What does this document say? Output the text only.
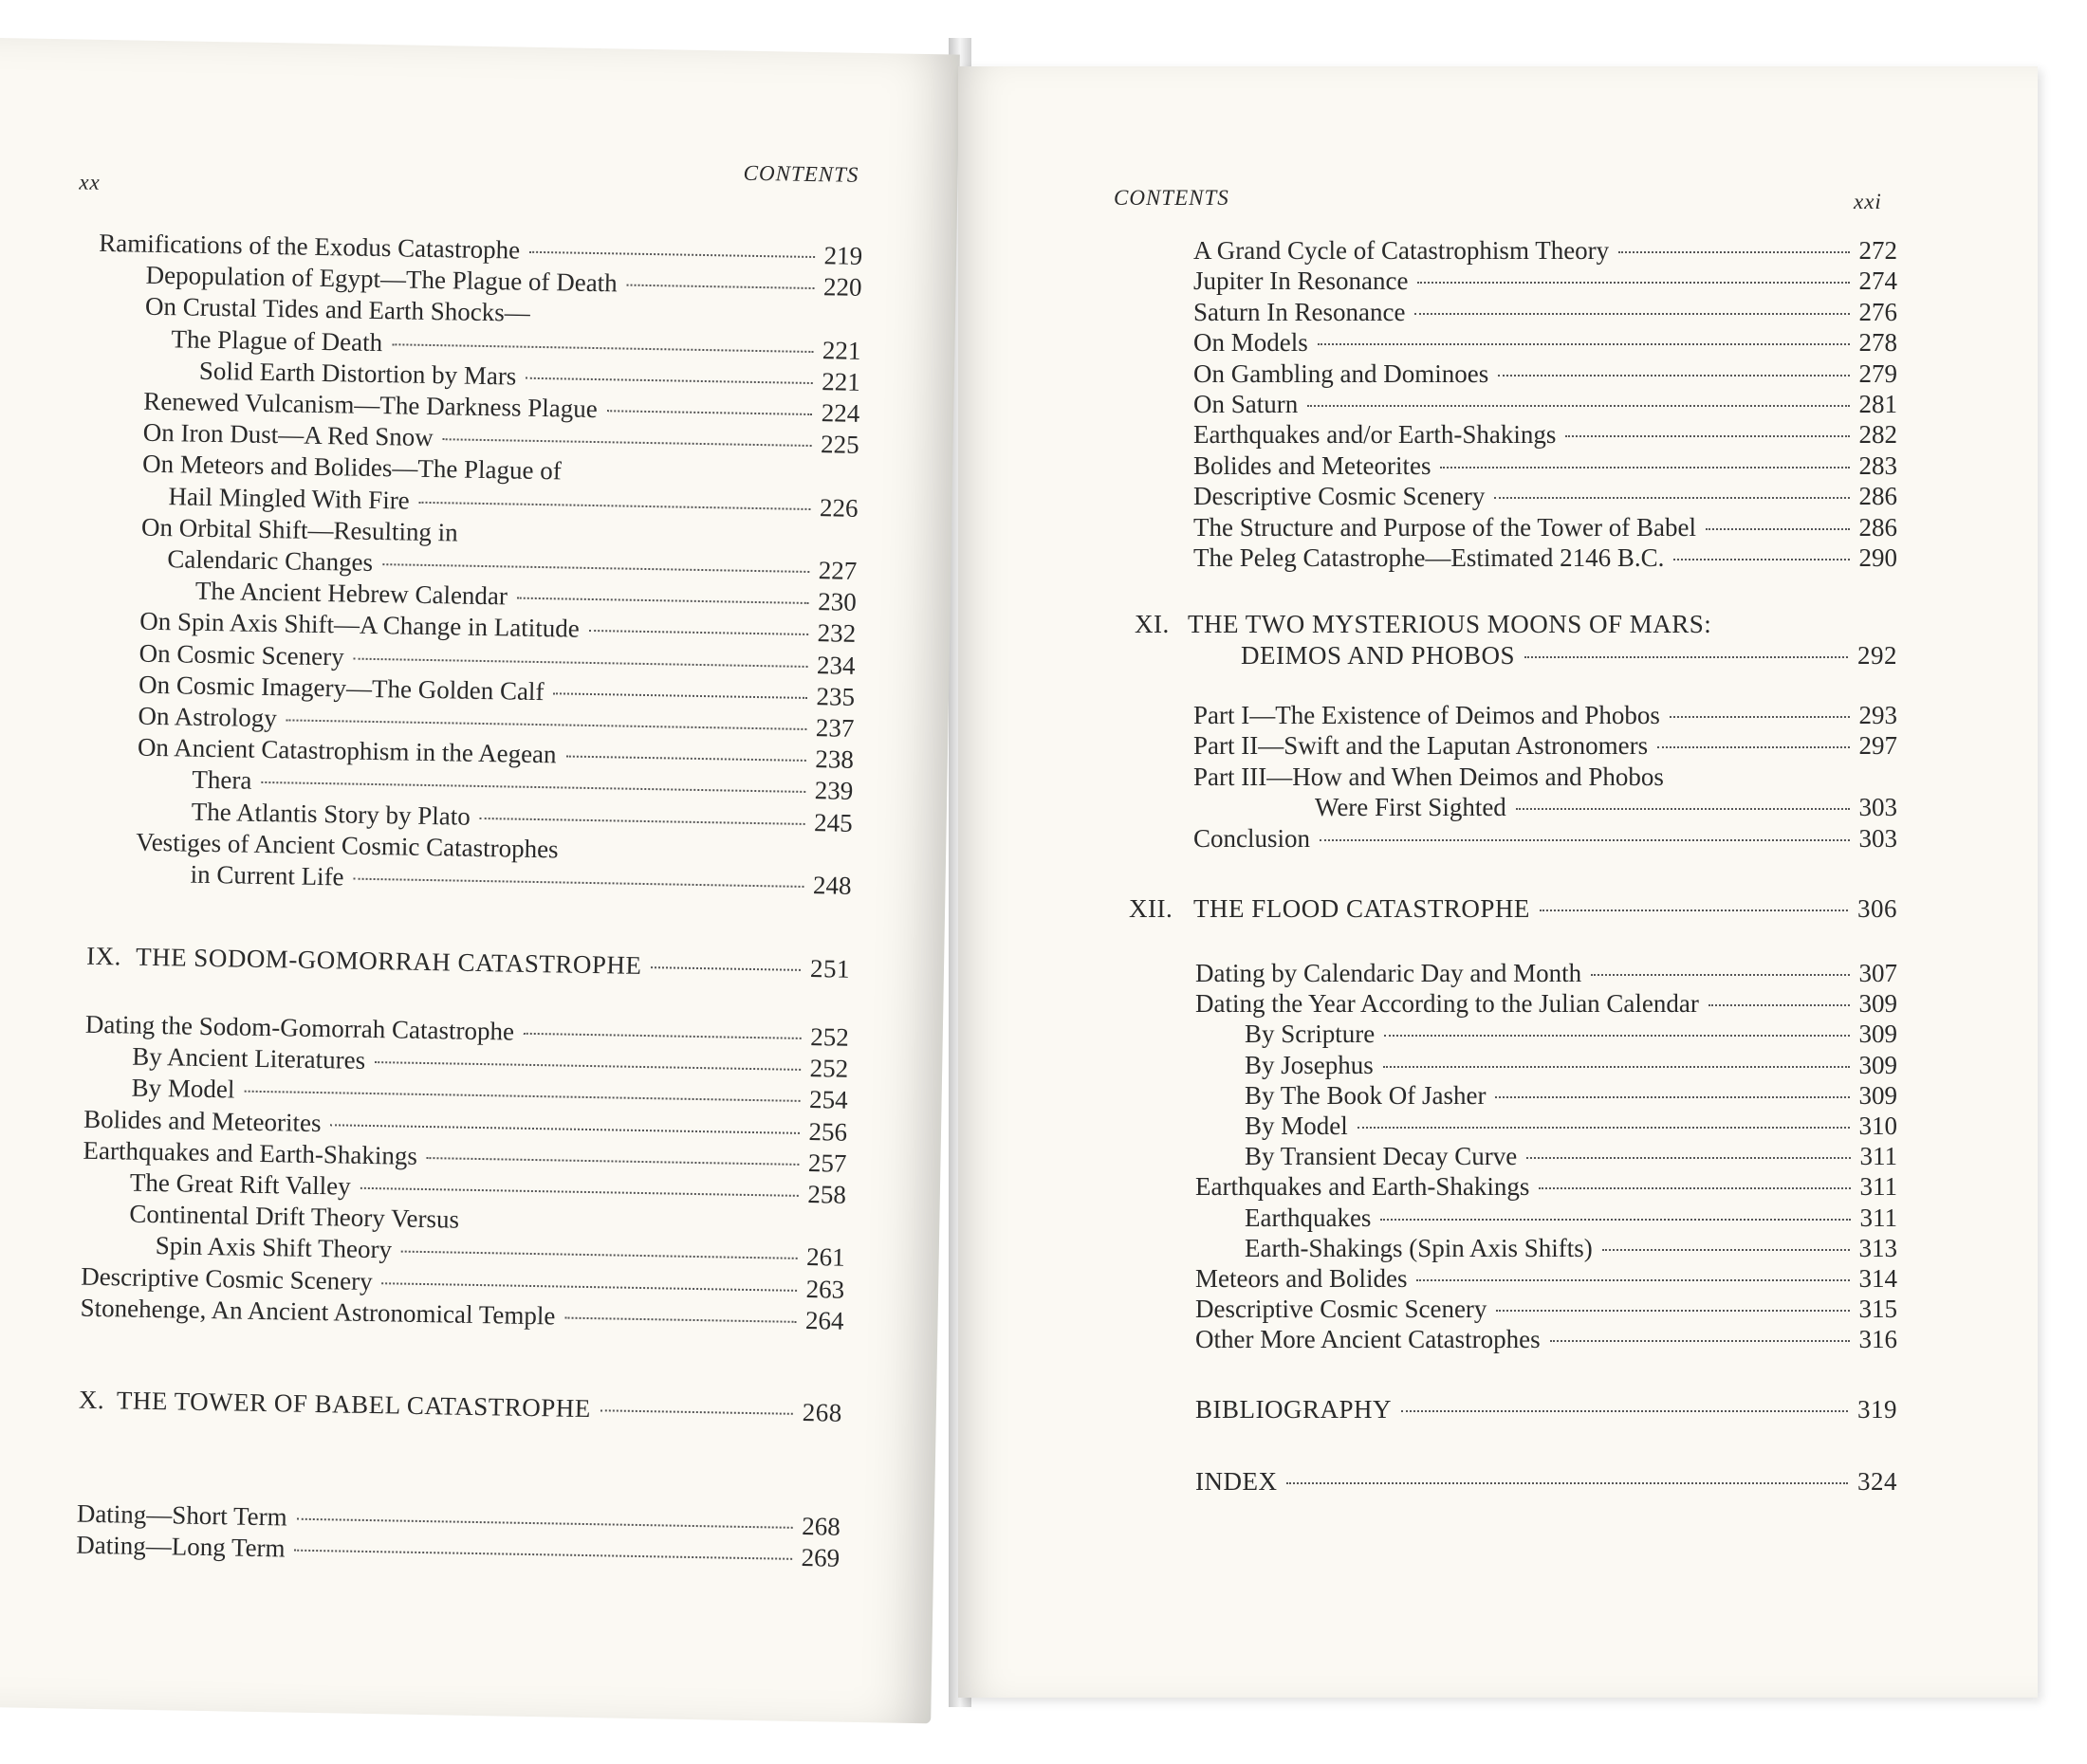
xx	CONTENTS
Ramifications of the Exodus Catastrophe	219
Depopulation of Egypt—The Plague of Death	220
On Crustal Tides and Earth Shocks—
The Plague of Death	221
Solid Earth Distortion by Mars	221
Renewed Vulcanism—The Darkness Plague	224
On Iron Dust—A Red Snow	225
On Meteors and Bolides—The Plague of
Hail Mingled With Fire	226
On Orbital Shift—Resulting in
Calendaric Changes	227
The Ancient Hebrew Calendar	230
On Spin Axis Shift—A Change in Latitude	232
On Cosmic Scenery	234
On Cosmic Imagery—The Golden Calf	235
On Astrology	237
On Ancient Catastrophism in the Aegean	238
Thera	239
The Atlantis Story by Plato	245
Vestiges of Ancient Cosmic Catastrophes
in Current Life	248
IX. THE SODOM-GOMORRAH CATASTROPHE	251
Dating the Sodom-Gomorrah Catastrophe	252
By Ancient Literatures	252
By Model	254
Bolides and Meteorites	256
Earthquakes and Earth-Shakings	257
The Great Rift Valley	258
Continental Drift Theory Versus
Spin Axis Shift Theory	261
Descriptive Cosmic Scenery	263
Stonehenge, An Ancient Astronomical Temple	264
X. THE TOWER OF BABEL CATASTROPHE	268
Dating—Short Term	268
Dating—Long Term	269
CONTENTS	xxi
A Grand Cycle of Catastrophism Theory	272
Jupiter In Resonance	274
Saturn In Resonance	276
On Models	278
On Gambling and Dominoes	279
On Saturn	281
Earthquakes and/or Earth-Shakings	282
Bolides and Meteorites	283
Descriptive Cosmic Scenery	286
The Structure and Purpose of the Tower of Babel	286
The Peleg Catastrophe—Estimated 2146 B.C.	290
XI. THE TWO MYSTERIOUS MOONS OF MARS:
DEIMOS AND PHOBOS	292
Part I—The Existence of Deimos and Phobos	293
Part II—Swift and the Laputan Astronomers	297
Part III—How and When Deimos and Phobos
Were First Sighted	303
Conclusion	303
XII. THE FLOOD CATASTROPHE	306
Dating by Calendaric Day and Month	307
Dating the Year According to the Julian Calendar	309
By Scripture	309
By Josephus	309
By The Book Of Jasher	309
By Model	310
By Transient Decay Curve	311
Earthquakes and Earth-Shakings	311
Earthquakes	311
Earth-Shakings (Spin Axis Shifts)	313
Meteors and Bolides	314
Descriptive Cosmic Scenery	315
Other More Ancient Catastrophes	316
BIBLIOGRAPHY	319
INDEX	324
